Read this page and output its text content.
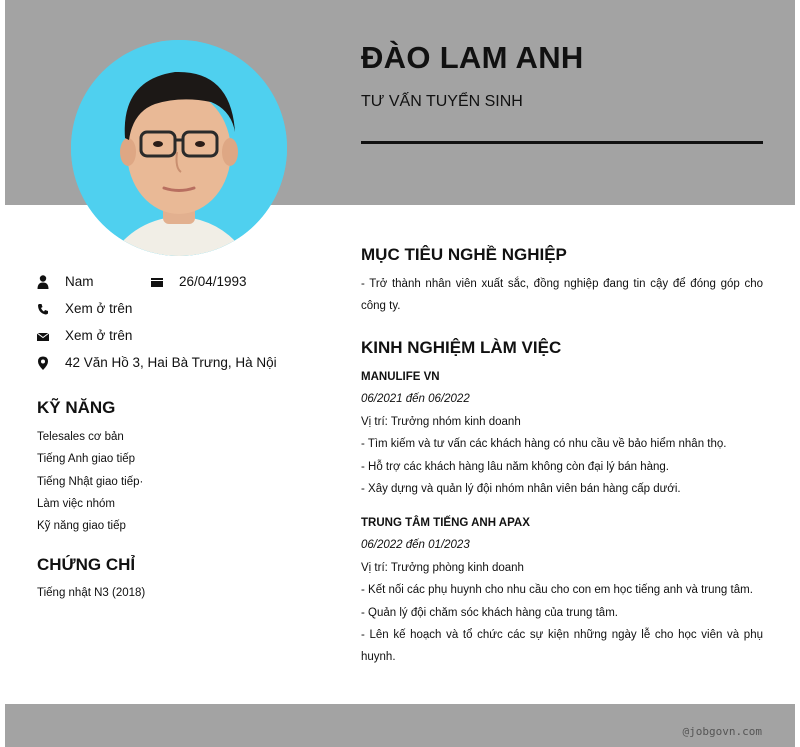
ĐÀO LAM ANH
TƯ VẤN TUYỂN SINH
Nam	26/04/1993
Xem ở trên
Xem ở trên
42 Văn Hồ 3, Hai Bà Trưng, Hà Nội
KỸ NĂNG
Telesales cơ bản
Tiếng Anh giao tiếp
Tiếng Nhật giao tiếp·
Làm việc nhóm
Kỹ năng giao tiếp
CHỨNG CHỈ
Tiếng nhật N3 (2018)
MỤC TIÊU NGHỀ NGHIỆP

- Trở thành nhân viên xuất sắc, đồng nghiệp đang tin cậy để đóng góp cho công ty.

KINH NGHIỆM LÀM VIỆC

MANULIFE VN

06/2021 đến 06/2022

Vị trí: Trưởng nhóm kinh doanh

- Tìm kiếm và tư vấn các khách hàng có nhu cầu về bảo hiểm nhân thọ.

- Hỗ trợ các khách hàng lâu năm không còn đại lý bán hàng.

- Xây dựng và quản lý đội nhóm nhân viên bán hàng cấp dưới.

TRUNG TÂM TIẾNG ANH APAX

06/2022 đến 01/2023

Vị trí: Trưởng phòng kinh doanh

- Kết nối các phụ huynh cho nhu cầu cho con em học tiếng anh và trung tâm.

- Quản lý đội chăm sóc khách hàng của trung tâm.

- Lên kế hoạch và tổ chức các sự kiện những ngày lễ cho học viên và phụ huynh.

@jobgovn.com
